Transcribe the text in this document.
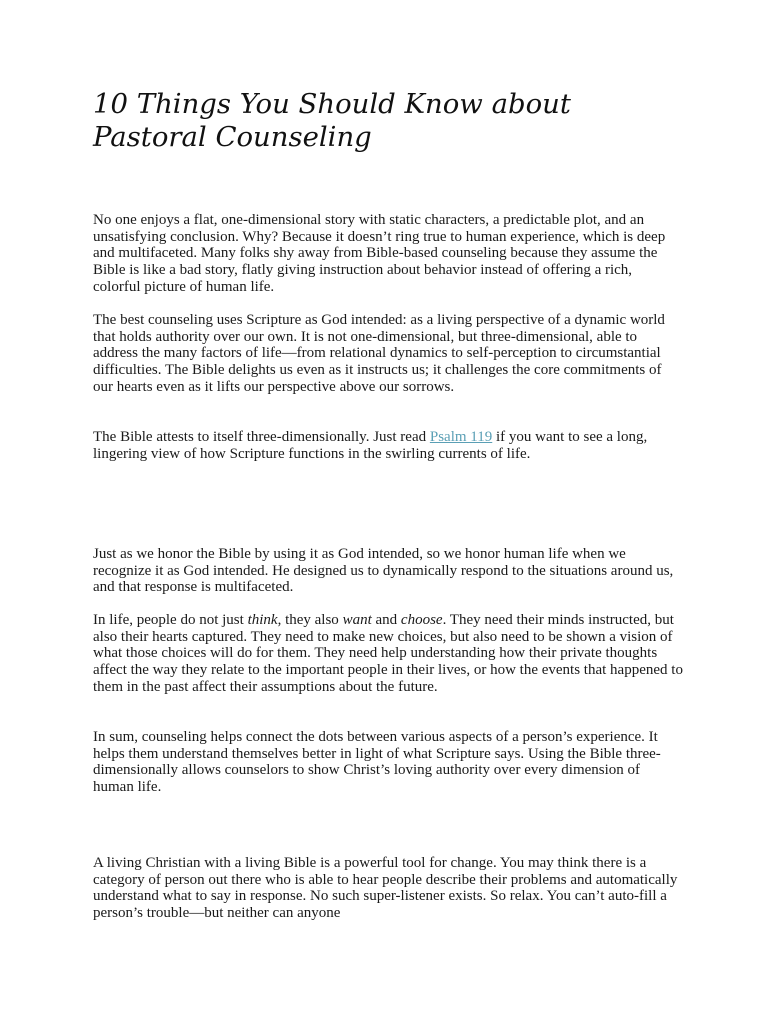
10 Things You Should Know about
Pastoral Counseling

No one enjoys a flat, one-dimensional story with static characters, a predictable plot, and an unsatisfying conclusion. Why? Because it doesn’t ring true to human experience, which is deep and multifaceted. Many folks shy away from Bible-based counseling because they assume the Bible is like a bad story, flatly giving instruction about behavior instead of offering a rich, colorful picture of human life.

The best counseling uses Scripture as God intended: as a living perspective of a dynamic world that holds authority over our own. It is not one-dimensional, but three-dimensional, able to address the many factors of life—from relational dynamics to self-perception to circumstantial difficulties. The Bible delights us even as it instructs us; it challenges the core commitments of our hearts even as it lifts our perspective above our sorrows.

The Bible attests to itself three-dimensionally. Just read Psalm 119 if you want to see a long, lingering view of how Scripture functions in the swirling currents of life.

Just as we honor the Bible by using it as God intended, so we honor human life when we recognize it as God intended. He designed us to dynamically respond to the situations around us, and that response is multifaceted.

In life, people do not just think, they also want and choose. They need their minds instructed, but also their hearts captured. They need to make new choices, but also need to be shown a vision of what those choices will do for them. They need help understanding how their private thoughts affect the way they relate to the important people in their lives, or how the events that happened to them in the past affect their assumptions about the future.

In sum, counseling helps connect the dots between various aspects of a person’s experience. It helps them understand themselves better in light of what Scripture says. Using the Bible three-dimensionally allows counselors to show Christ’s loving authority over every dimension of human life.

A living Christian with a living Bible is a powerful tool for change. You may think there is a category of person out there who is able to hear people describe their problems and automatically understand what to say in response. No such super-listener exists. So relax. You can’t auto-fill a person’s trouble—but neither can anyone
